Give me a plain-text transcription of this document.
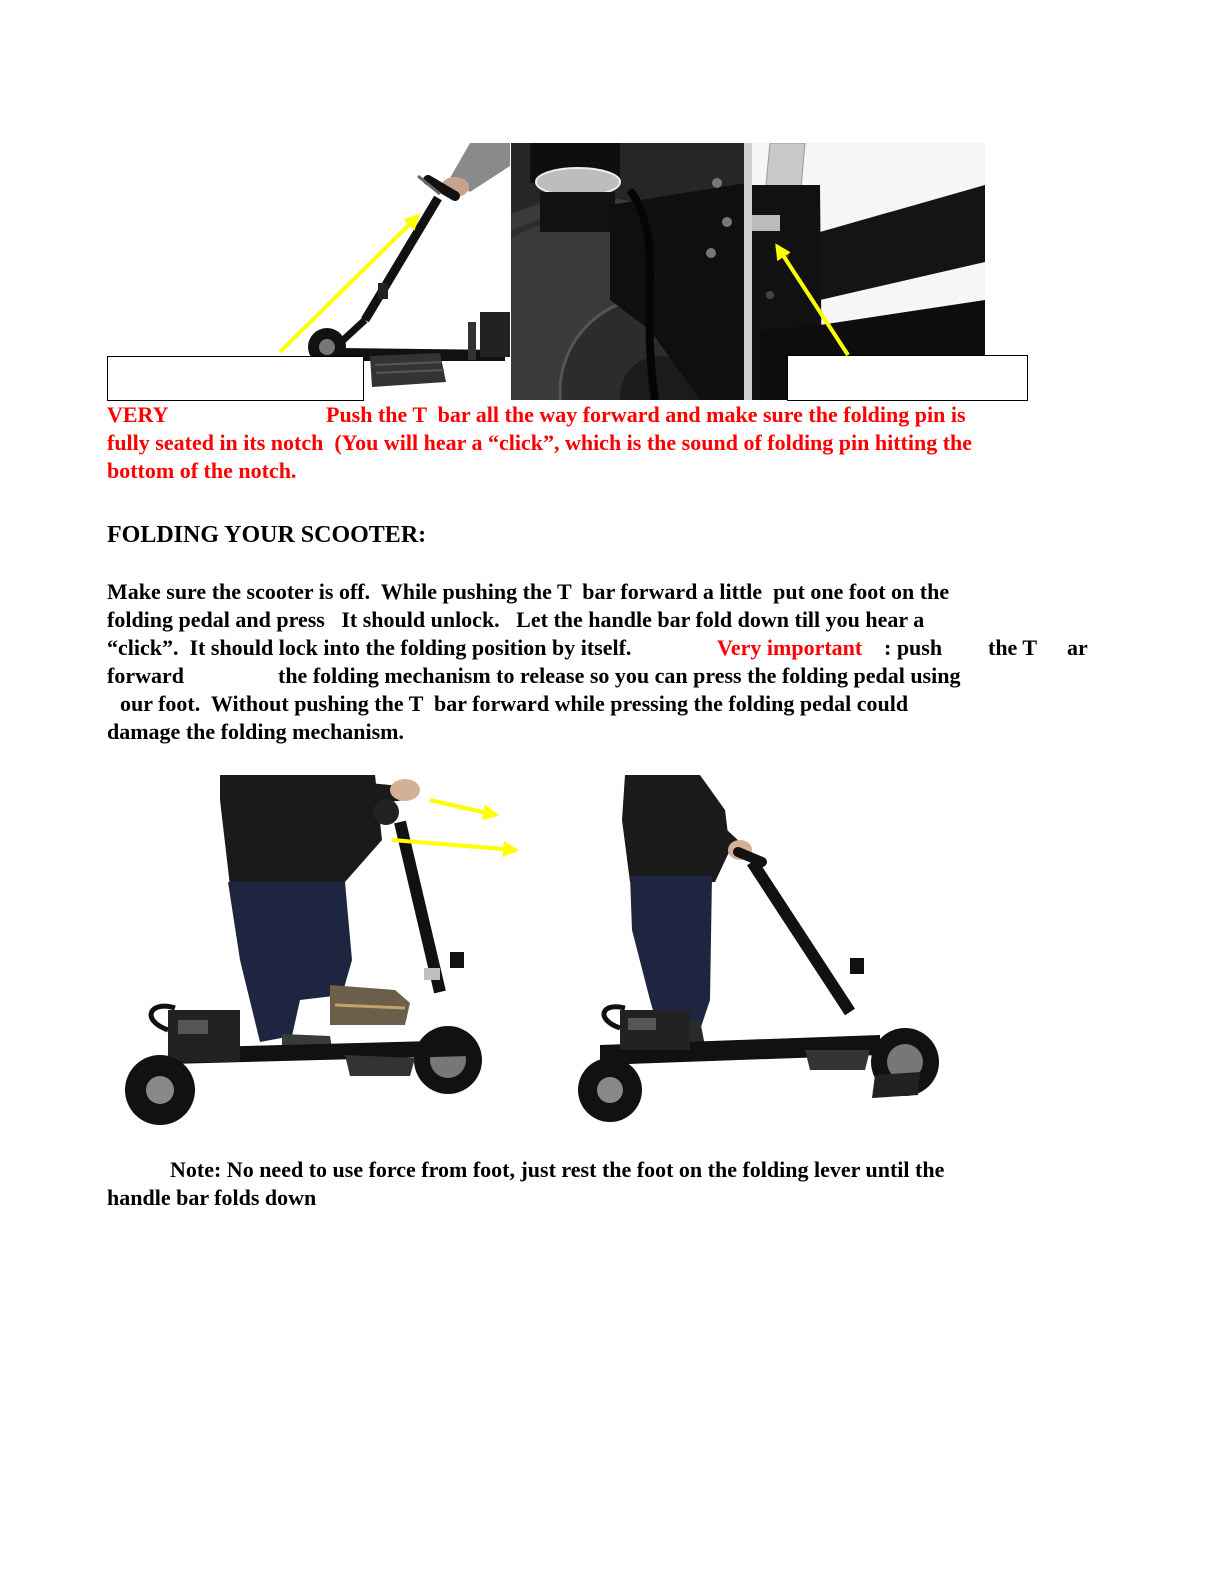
VERY	Push the T  bar all the way forward and make sure the folding pin is
fully seated in its notch  (You will hear a “click”, which is the sound of folding pin hitting the
bottom of the notch.
FOLDING YOUR SCOOTER:
Make sure the scooter is off.  While pushing the T  bar forward a little  put one foot on the
folding pedal and press   It should unlock.   Let the handle bar fold down till you hear a
“click”.  It should lock into the folding position by itself.	Very important : push the T ar
forward	the folding mechanism to release so you can press the folding pedal using
our foot.  Without pushing the T  bar forward while pressing the folding pedal could
damage the folding mechanism.
Note: No need to use force from foot, just rest the foot on the folding lever until the
handle bar folds down
